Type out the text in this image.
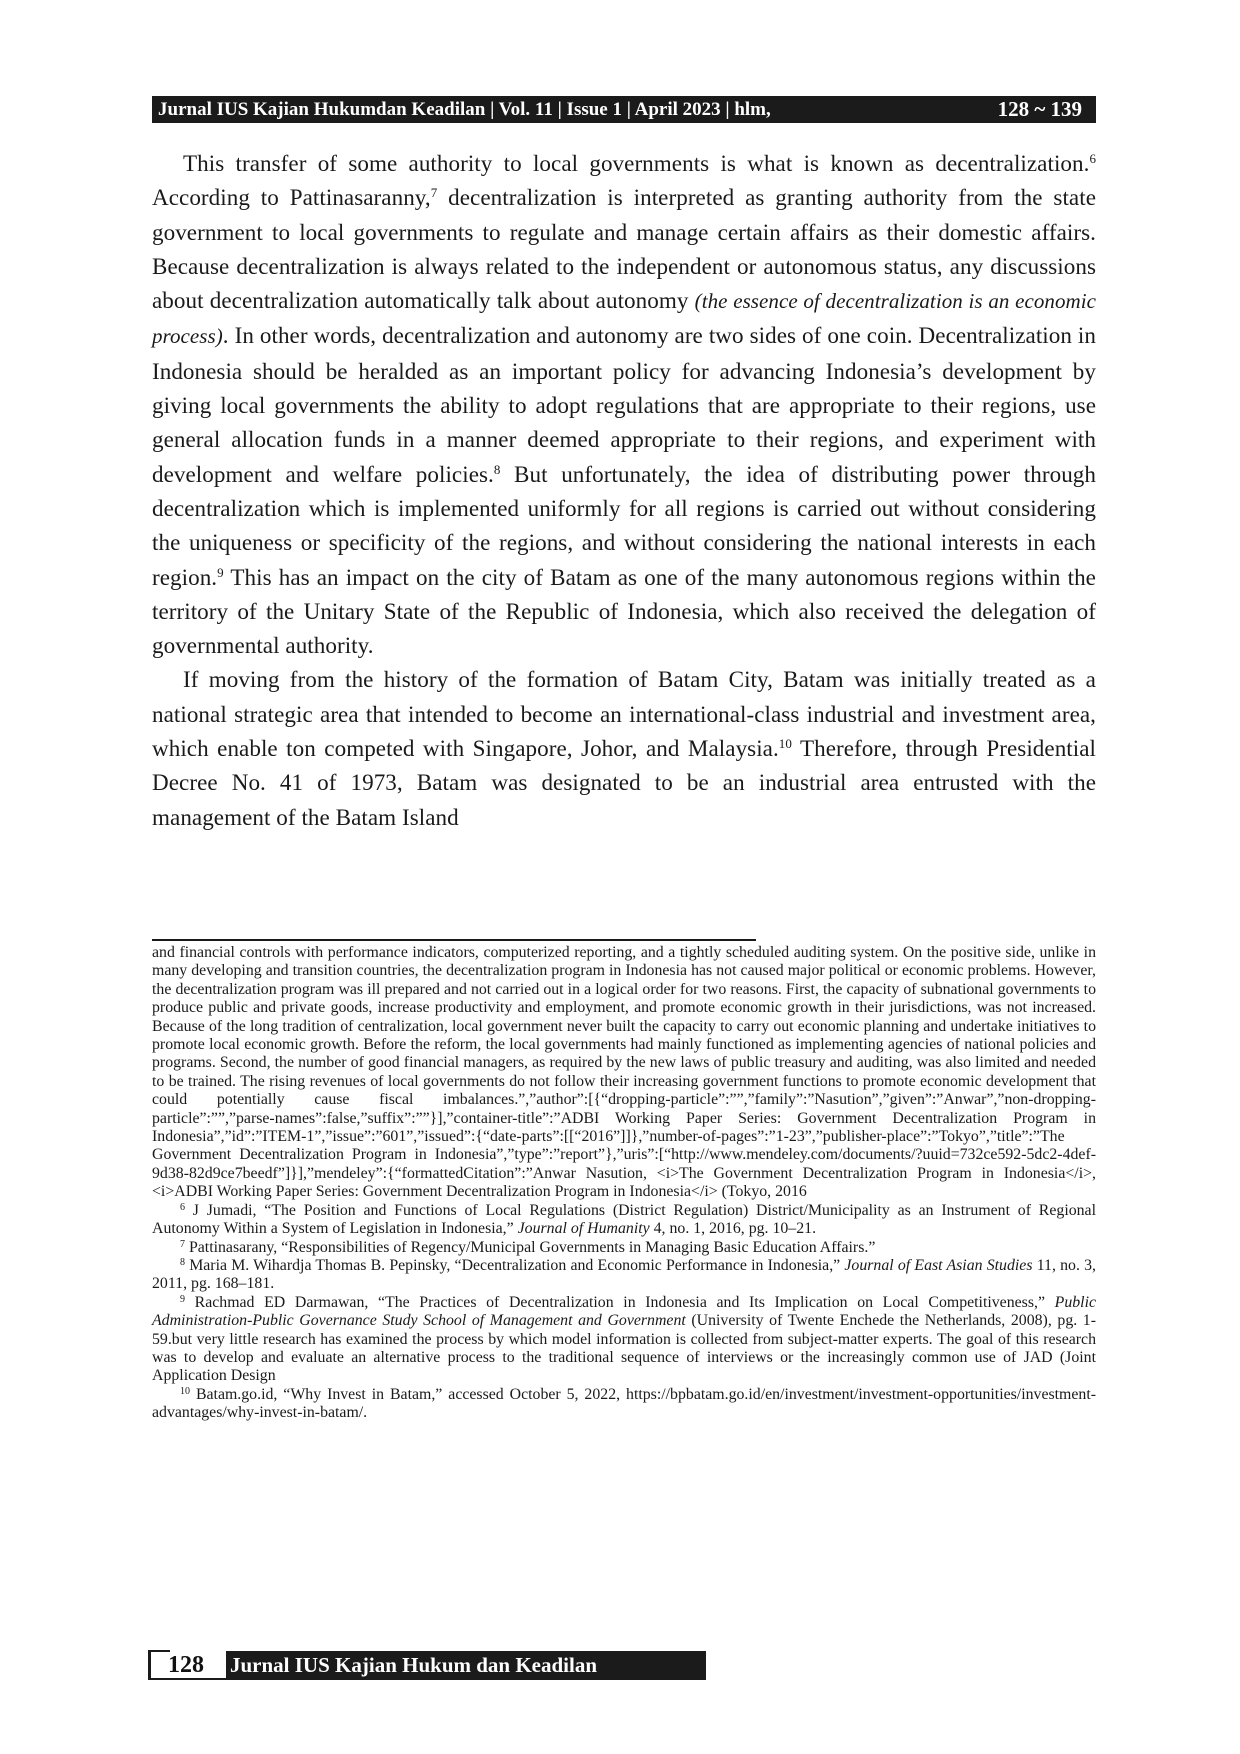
Jurnal IUS Kajian Hukumdan Keadilan | Vol. 11 | Issue 1 | April 2023 | hlm,	128 ~ 139

This transfer of some authority to local governments is what is known as decentralization.$^6$ According to Pattinasaranny,$^7$ decentralization is interpreted as granting authority from the state government to local governments to regulate and manage certain affairs as their domestic affairs. Because decentralization is always related to the independent or autonomous status, any discussions about decentralization automatically talk about autonomy (the essence of decentralization is an economic process). In other words, decentralization and autonomy are two sides of one coin. Decentralization in Indonesia should be heralded as an important policy for advancing Indonesia’s development by giving local governments the ability to adopt regulations that are appropriate to their regions, use general allocation funds in a manner deemed appropriate to their regions, and experiment with development and welfare policies.$^8$ But unfortunately, the idea of distributing power through decentralization which is implemented uniformly for all regions is carried out without considering the uniqueness or specificity of the regions, and without considering the national interests in each region.$^9$ This has an impact on the city of Batam as one of the many autonomous regions within the territory of the Unitary State of the Republic of Indonesia, which also received the delegation of governmental authority.

If moving from the history of the formation of Batam City, Batam was initially treated as a national strategic area that intended to become an international-class industrial and investment area, which enable ton competed with Singapore, Johor, and Malaysia.$^{10}$ Therefore, through Presidential Decree No. 41 of 1973, Batam was designated to be an industrial area entrusted with the management of the Batam Island

and financial controls with performance indicators, computerized reporting, and a tightly scheduled auditing system. On the positive side, unlike in many developing and transition countries, the decentralization program in Indonesia has not caused major political or economic problems. However, the decentralization program was ill prepared and not carried out in a logical order for two reasons. First, the capacity of subnational governments to produce public and private goods, increase productivity and employment, and promote economic growth in their jurisdictions, was not increased. Because of the long tradition of centralization, local government never built the capacity to carry out economic planning and undertake initiatives to promote local economic growth. Before the reform, the local governments had mainly functioned as implementing agencies of national policies and programs. Second, the number of good financial managers, as required by the new laws of public treasury and auditing, was also limited and needed to be trained. The rising revenues of local governments do not follow their increasing government functions to promote economic development that could potentially cause fiscal imbalances.”,”author”:[{“dropping-particle”:””,”family”:”Nasution”,”given”:”Anwar”,”non-dropping-particle”:””,”parse-names”:false,”suffix”:””}],”container-title”:”ADBI Working Paper Series: Government Decentralization Program in Indonesia”,”id”:”ITEM-1”,”issue”:”601”,”issued”:{“date-parts”:[[“2016”]]},”number-of-pages”:”1-23”,”publisher-place”:”Tokyo”,”title”:”The Government Decentralization Program in Indonesia”,”type”:”report”},”uris”:[“http://www.mendeley.com/documents/?uuid=732ce592-5dc2-4def-9d38-82d9ce7beedf”]}],”mendeley”:{“formattedCitation”:”Anwar Nasution, <i>The Government Decentralization Program in Indonesia</i>, <i>ADBI Working Paper Series: Government Decentralization Program in Indonesia</i> (Tokyo, 2016

$^6$ J Jumadi, “The Position and Functions of Local Regulations (District Regulation) District/Municipality as an Instrument of Regional Autonomy Within a System of Legislation in Indonesia,” Journal of Humanity 4, no. 1, 2016, pg. 10–21.

$^7$ Pattinasarany, “Responsibilities of Regency/Municipal Governments in Managing Basic Education Affairs.”

$^8$ Maria M. Wihardja Thomas B. Pepinsky, “Decentralization and Economic Performance in Indonesia,” Journal of East Asian Studies 11, no. 3, 2011, pg. 168–181.

$^9$ Rachmad ED Darmawan, “The Practices of Decentralization in Indonesia and Its Implication on Local Competitiveness,” Public Administration-Public Governance Study School of Management and Government (University of Twente Enchede the Netherlands, 2008), pg. 1-59.but very little research has examined the process by which model information is collected from subject-matter experts. The goal of this research was to develop and evaluate an alternative process to the traditional sequence of interviews or the increasingly common use of JAD (Joint Application Design

$^{10}$ Batam.go.id, “Why Invest in Batam,” accessed October 5, 2022, https://bpbatam.go.id/en/investment/investment-opportunities/investment-advantages/why-invest-in-batam/.

128	Jurnal IUS Kajian Hukum dan Keadilan
